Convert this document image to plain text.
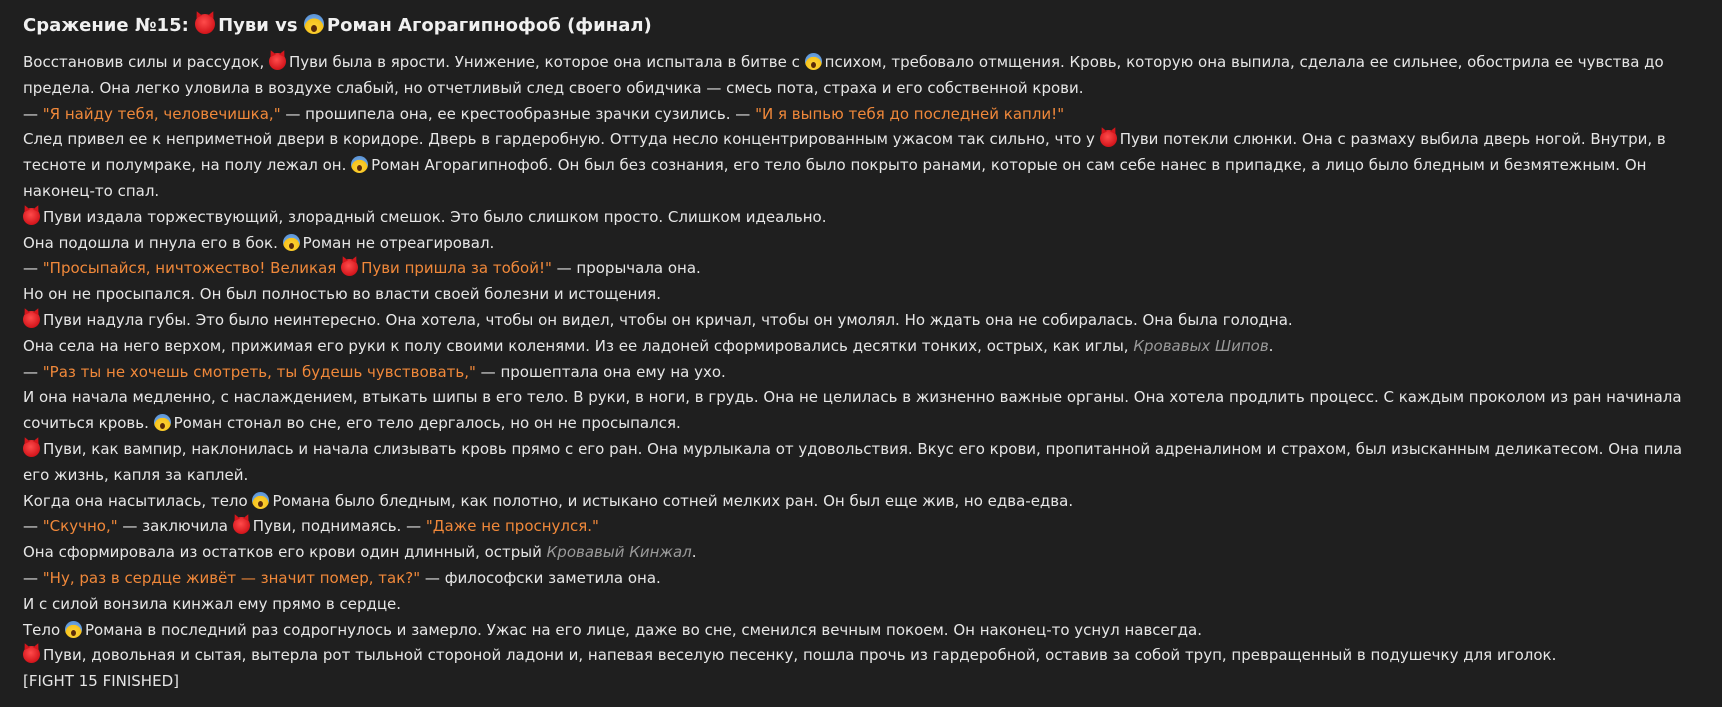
Сражение №15: Пуви vs Роман Агорагипнофоб (финал)

Восстановив силы и рассудок, Пуви была в ярости. Унижение, которое она испытала в битве с психом, требовало отмщения. Кровь, которую она выпила, сделала ее сильнее, обострила ее чувства до предела. Она легко уловила в воздухе слабый, но отчетливый след своего обидчика — смесь пота, страха и его собственной крови.

— "Я найду тебя, человечишка," — прошипела она, ее крестообразные зрачки сузились. — "И я выпью тебя до последней капли!"

След привел ее к неприметной двери в коридоре. Дверь в гардеробную. Оттуда несло концентрированным ужасом так сильно, что у Пуви потекли слюнки. Она с размаху выбила дверь ногой. Внутри, в тесноте и полумраке, на полу лежал он. Роман Агорагипнофоб. Он был без сознания, его тело было покрыто ранами, которые он сам себе нанес в припадке, а лицо было бледным и безмятежным. Он наконец-то спал.

Пуви издала торжествующий, злорадный смешок. Это было слишком просто. Слишком идеально.

Она подошла и пнула его в бок. Роман не отреагировал.

— "Просыпайся, ничтожество! Великая Пуви пришла за тобой!" — прорычала она.

Но он не просыпался. Он был полностью во власти своей болезни и истощения.

Пуви надула губы. Это было неинтересно. Она хотела, чтобы он видел, чтобы он кричал, чтобы он умолял. Но ждать она не собиралась. Она была голодна.

Она села на него верхом, прижимая его руки к полу своими коленями. Из ее ладоней сформировались десятки тонких, острых, как иглы, Кровавых Шипов.

— "Раз ты не хочешь смотреть, ты будешь чувствовать," — прошептала она ему на ухо.

И она начала медленно, с наслаждением, втыкать шипы в его тело. В руки, в ноги, в грудь. Она не целилась в жизненно важные органы. Она хотела продлить процесс. С каждым проколом из ран начинала сочиться кровь. Роман стонал во сне, его тело дергалось, но он не просыпался.

Пуви, как вампир, наклонилась и начала слизывать кровь прямо с его ран. Она мурлыкала от удовольствия. Вкус его крови, пропитанной адреналином и страхом, был изысканным деликатесом. Она пила его жизнь, капля за каплей.

Когда она насытилась, тело Романа было бледным, как полотно, и истыкано сотней мелких ран. Он был еще жив, но едва-едва.

— "Скучно," — заключила Пуви, поднимаясь. — "Даже не проснулся."

Она сформировала из остатков его крови один длинный, острый Кровавый Кинжал.

— "Ну, раз в сердце живёт — значит помер, так?" — философски заметила она.

И с силой вонзила кинжал ему прямо в сердце.

Тело Романа в последний раз содрогнулось и замерло. Ужас на его лице, даже во сне, сменился вечным покоем. Он наконец-то уснул навсегда.

Пуви, довольная и сытая, вытерла рот тыльной стороной ладони и, напевая веселую песенку, пошла прочь из гардеробной, оставив за собой труп, превращенный в подушечку для иголок.

[FIGHT 15 FINISHED]
